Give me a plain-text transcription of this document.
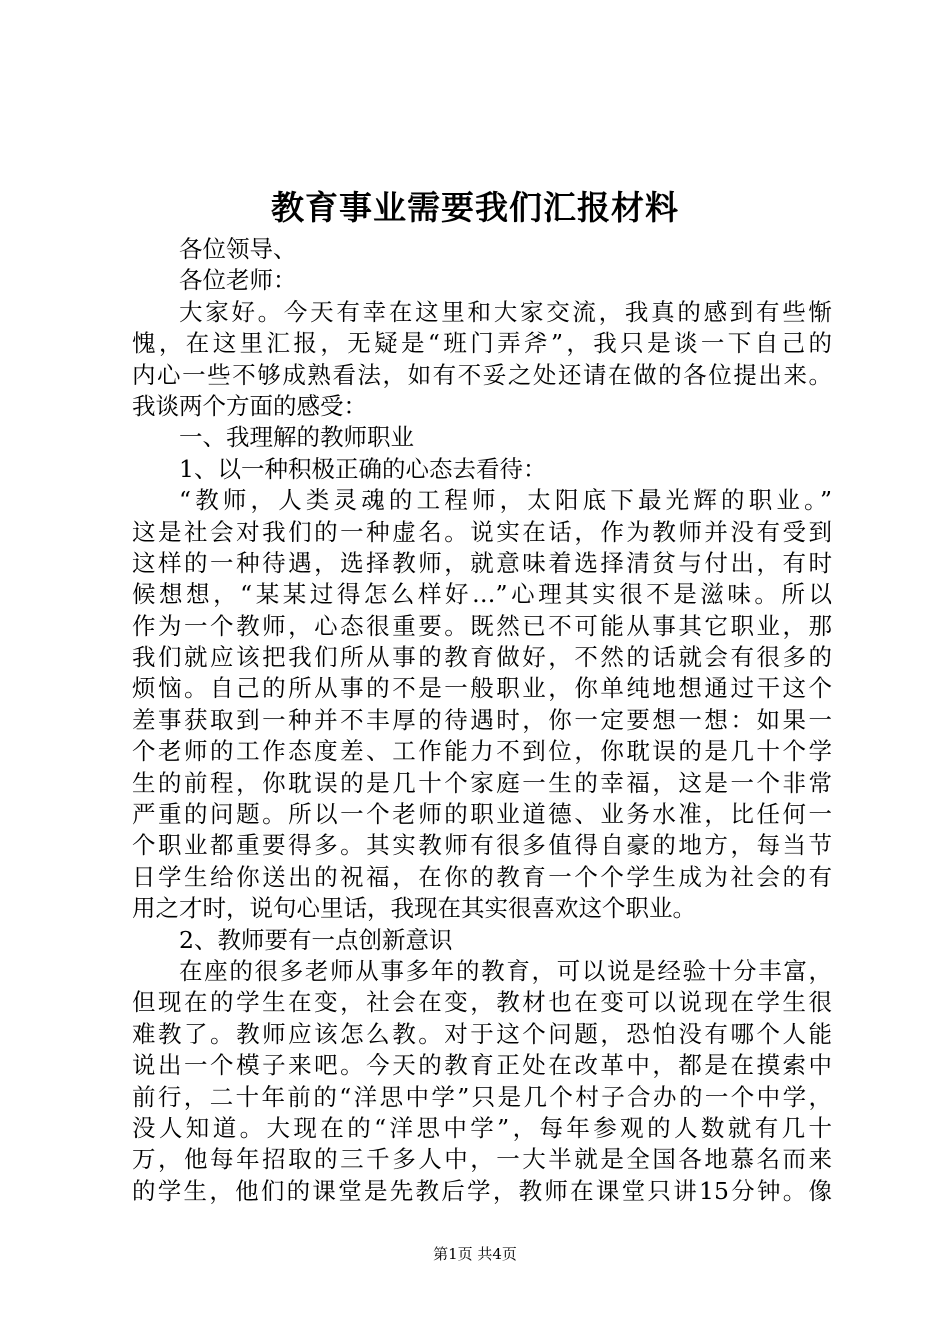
教育事业需要我们汇报材料
各位领导、
各位老师：
大家好。今天有幸在这里和大家交流，我真的感到有些惭
愧，在这里汇报，无疑是“班门弄斧”，我只是谈一下自己的
内心一些不够成熟看法，如有不妥之处还请在做的各位提出来。
我谈两个方面的感受：
一、我理解的教师职业
1、以一种积极正确的心态去看待：
“教师，人类灵魂的工程师，太阳底下最光辉的职业。”
这是社会对我们的一种虚名。说实在话，作为教师并没有受到
这样的一种待遇，选择教师，就意味着选择清贫与付出，有时
候想想，“某某过得怎么样好…”心理其实很不是滋味。所以
作为一个教师，心态很重要。既然已不可能从事其它职业，那
我们就应该把我们所从事的教育做好，不然的话就会有很多的
烦恼。自己的所从事的不是一般职业，你单纯地想通过干这个
差事获取到一种并不丰厚的待遇时，你一定要想一想：如果一
个老师的工作态度差、工作能力不到位，你耽误的是几十个学
生的前程，你耽误的是几十个家庭一生的幸福，这是一个非常
严重的问题。所以一个老师的职业道德、业务水准，比任何一
个职业都重要得多。其实教师有很多值得自豪的地方，每当节
日学生给你送出的祝福，在你的教育一个个学生成为社会的有
用之才时，说句心里话，我现在其实很喜欢这个职业。
2、教师要有一点创新意识
在座的很多老师从事多年的教育，可以说是经验十分丰富，
但现在的学生在变，社会在变，教材也在变可以说现在学生很
难教了。教师应该怎么教。对于这个问题，恐怕没有哪个人能
说出一个模子来吧。今天的教育正处在改革中，都是在摸索中
前行，二十年前的“洋思中学”只是几个村子合办的一个中学，
没人知道。大现在的“洋思中学”，每年参观的人数就有几十
万，他每年招取的三千多人中，一大半就是全国各地慕名而来
的学生，他们的课堂是先教后学，教师在课堂只讲15分钟。像
第1页 共4页
